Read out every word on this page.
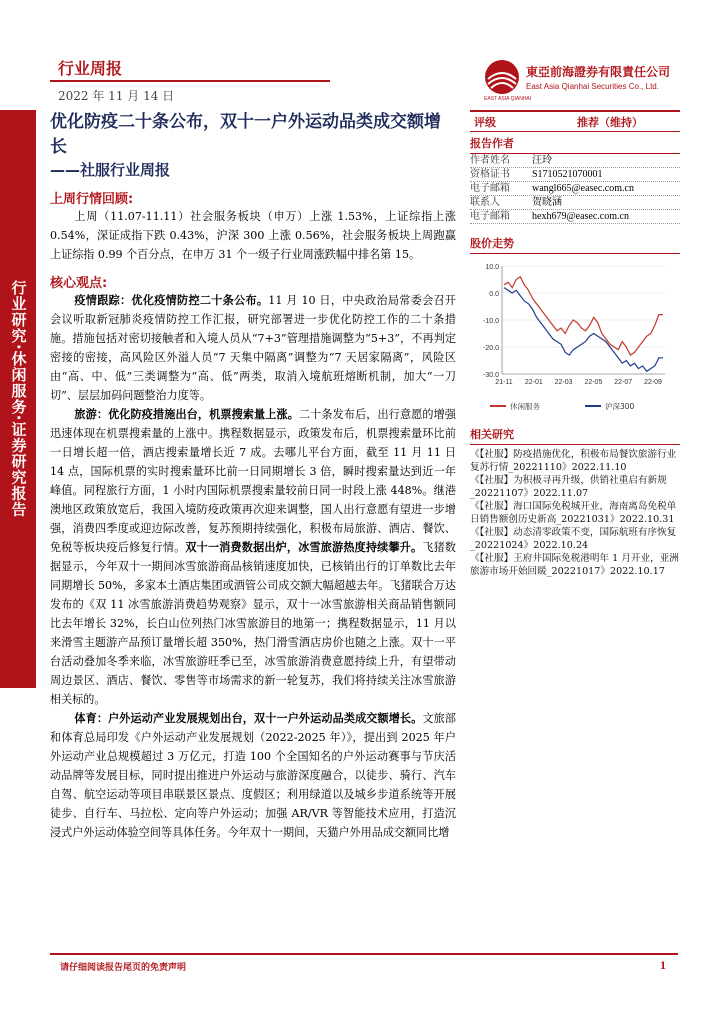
行业研究·休闲服务·证券研究报告
行业周报
2022 年 11 月 14 日
東亞前海證券有限責任公司
East Asia Qianhai Securities Co., Ltd.
EAST ASIA QIANHAI
优化防疫二十条公布，双十一户外运动品类成交额增长
——社服行业周报
上周行情回顾:
上周（11.07-11.11）社会服务板块（申万）上涨 1.53%，上证综指上涨 0.54%，深证成指下跌 0.43%，沪深 300 上涨 0.56%，社会服务板块上周跑赢上证综指 0.99 个百分点，在申万 31 个一级子行业周涨跌幅中排名第 15。
核心观点:
疫情跟踪：优化疫情防控二十条公布。11 月 10 日，中央政治局常委会召开会议听取新冠肺炎疫情防控工作汇报，研究部署进一步优化防控工作的二十条措施。措施包括对密切接触者和入境人员从“7+3”管理措施调整为“5+3”，不再判定密接的密接，高风险区外溢人员“7 天集中隔离”调整为“7 天居家隔离”，风险区由“高、中、低”三类调整为“高、低”两类，取消入境航班熔断机制，加大“一刀切”、层层加码问题整治力度等。
旅游：优化防疫措施出台，机票搜索量上涨。二十条发布后，出行意愿的增强迅速体现在机票搜索量的上涨中。携程数据显示，政策发布后，机票搜索量环比前一日增长超一倍，酒店搜索量增长近 7 成。去哪儿平台方面，截至 11 月 11 日 14 点，国际机票的实时搜索量环比前一日同期增长 3 倍，瞬时搜索量达到近一年峰值。同程旅行方面，1 小时内国际机票搜索量较前日同一时段上涨 448%。继港澳地区政策放宽后，我国入境防疫政策再次迎来调整，国人出行意愿有望进一步增强，消费四季度或迎边际改善，复苏预期持续强化，积极布局旅游、酒店、餐饮、免税等板块疫后修复行情。双十一消费数据出炉，冰雪旅游热度持续攀升。飞猪数据显示，今年双十一期间冰雪旅游商品核销速度加快，已核销出行的订单数比去年同期增长 50%，多家本土酒店集团或酒管公司成交额大幅超越去年。飞猪联合万达发布的《双 11 冰雪旅游消费趋势观察》显示，双十一冰雪旅游相关商品销售额同比去年增长 32%，长白山位列热门冰雪旅游目的地第一；携程数据显示，11 月以来滑雪主题游产品预订量增长超 350%，热门滑雪酒店房价也随之上涨。双十一平台活动叠加冬季来临，冰雪旅游旺季已至，冰雪旅游消费意愿持续上升，有望带动周边景区、酒店、餐饮、零售等市场需求的新一轮复苏，我们将持续关注冰雪旅游相关标的。
体育：户外运动产业发展规划出台，双十一户外运动品类成交额增长。文旅部和体育总局印发《户外运动产业发展规划（2022-2025 年）》，提出到 2025 年户外运动产业总规模超过 3 万亿元，打造 100 个全国知名的户外运动赛事与节庆活动品牌等发展目标，同时提出推进户外运动与旅游深度融合，以徒步、骑行、汽车自驾、航空运动等项目串联景区景点、度假区；利用绿道以及城乡步道系统等开展徒步、自行车、马拉松、定向等户外运动；加强 AR/VR 等智能技术应用，打造沉浸式户外运动体验空间等具体任务。今年双十一期间，天猫户外用品成交额同比增
评级	推荐（维持）
报告作者
作者姓名	汪玲
资格证书	S1710521070001
电子邮箱	wangl665@easec.com.cn
联系人	贺晓涵
电子邮箱	hexh679@easec.com.cn
股价走势
10.0
0.0
-10.0
-20.0
-30.0
21-11 22-01 22-03 22-05 22-07 22-09
休闲服务	沪深300
相关研究
《【社服】防疫措施优化，积极布局餐饮旅游行业复苏行情_20221110》2022.11.10
《【社服】为积极寻再升级，供销社重启有新规_20221107》2022.11.07
《【社服】海口国际免税城开业，海南离岛免税单日销售额创历史新高_20221031》2022.10.31
《【社服】动态清零政策不变，国际航班有序恢复_20221024》2022.10.24
《【社服】王府井国际免税港明年 1 月开业，亚洲旅游市场开始回暖_20221017》2022.10.17
请仔细阅读报告尾页的免责声明	1
